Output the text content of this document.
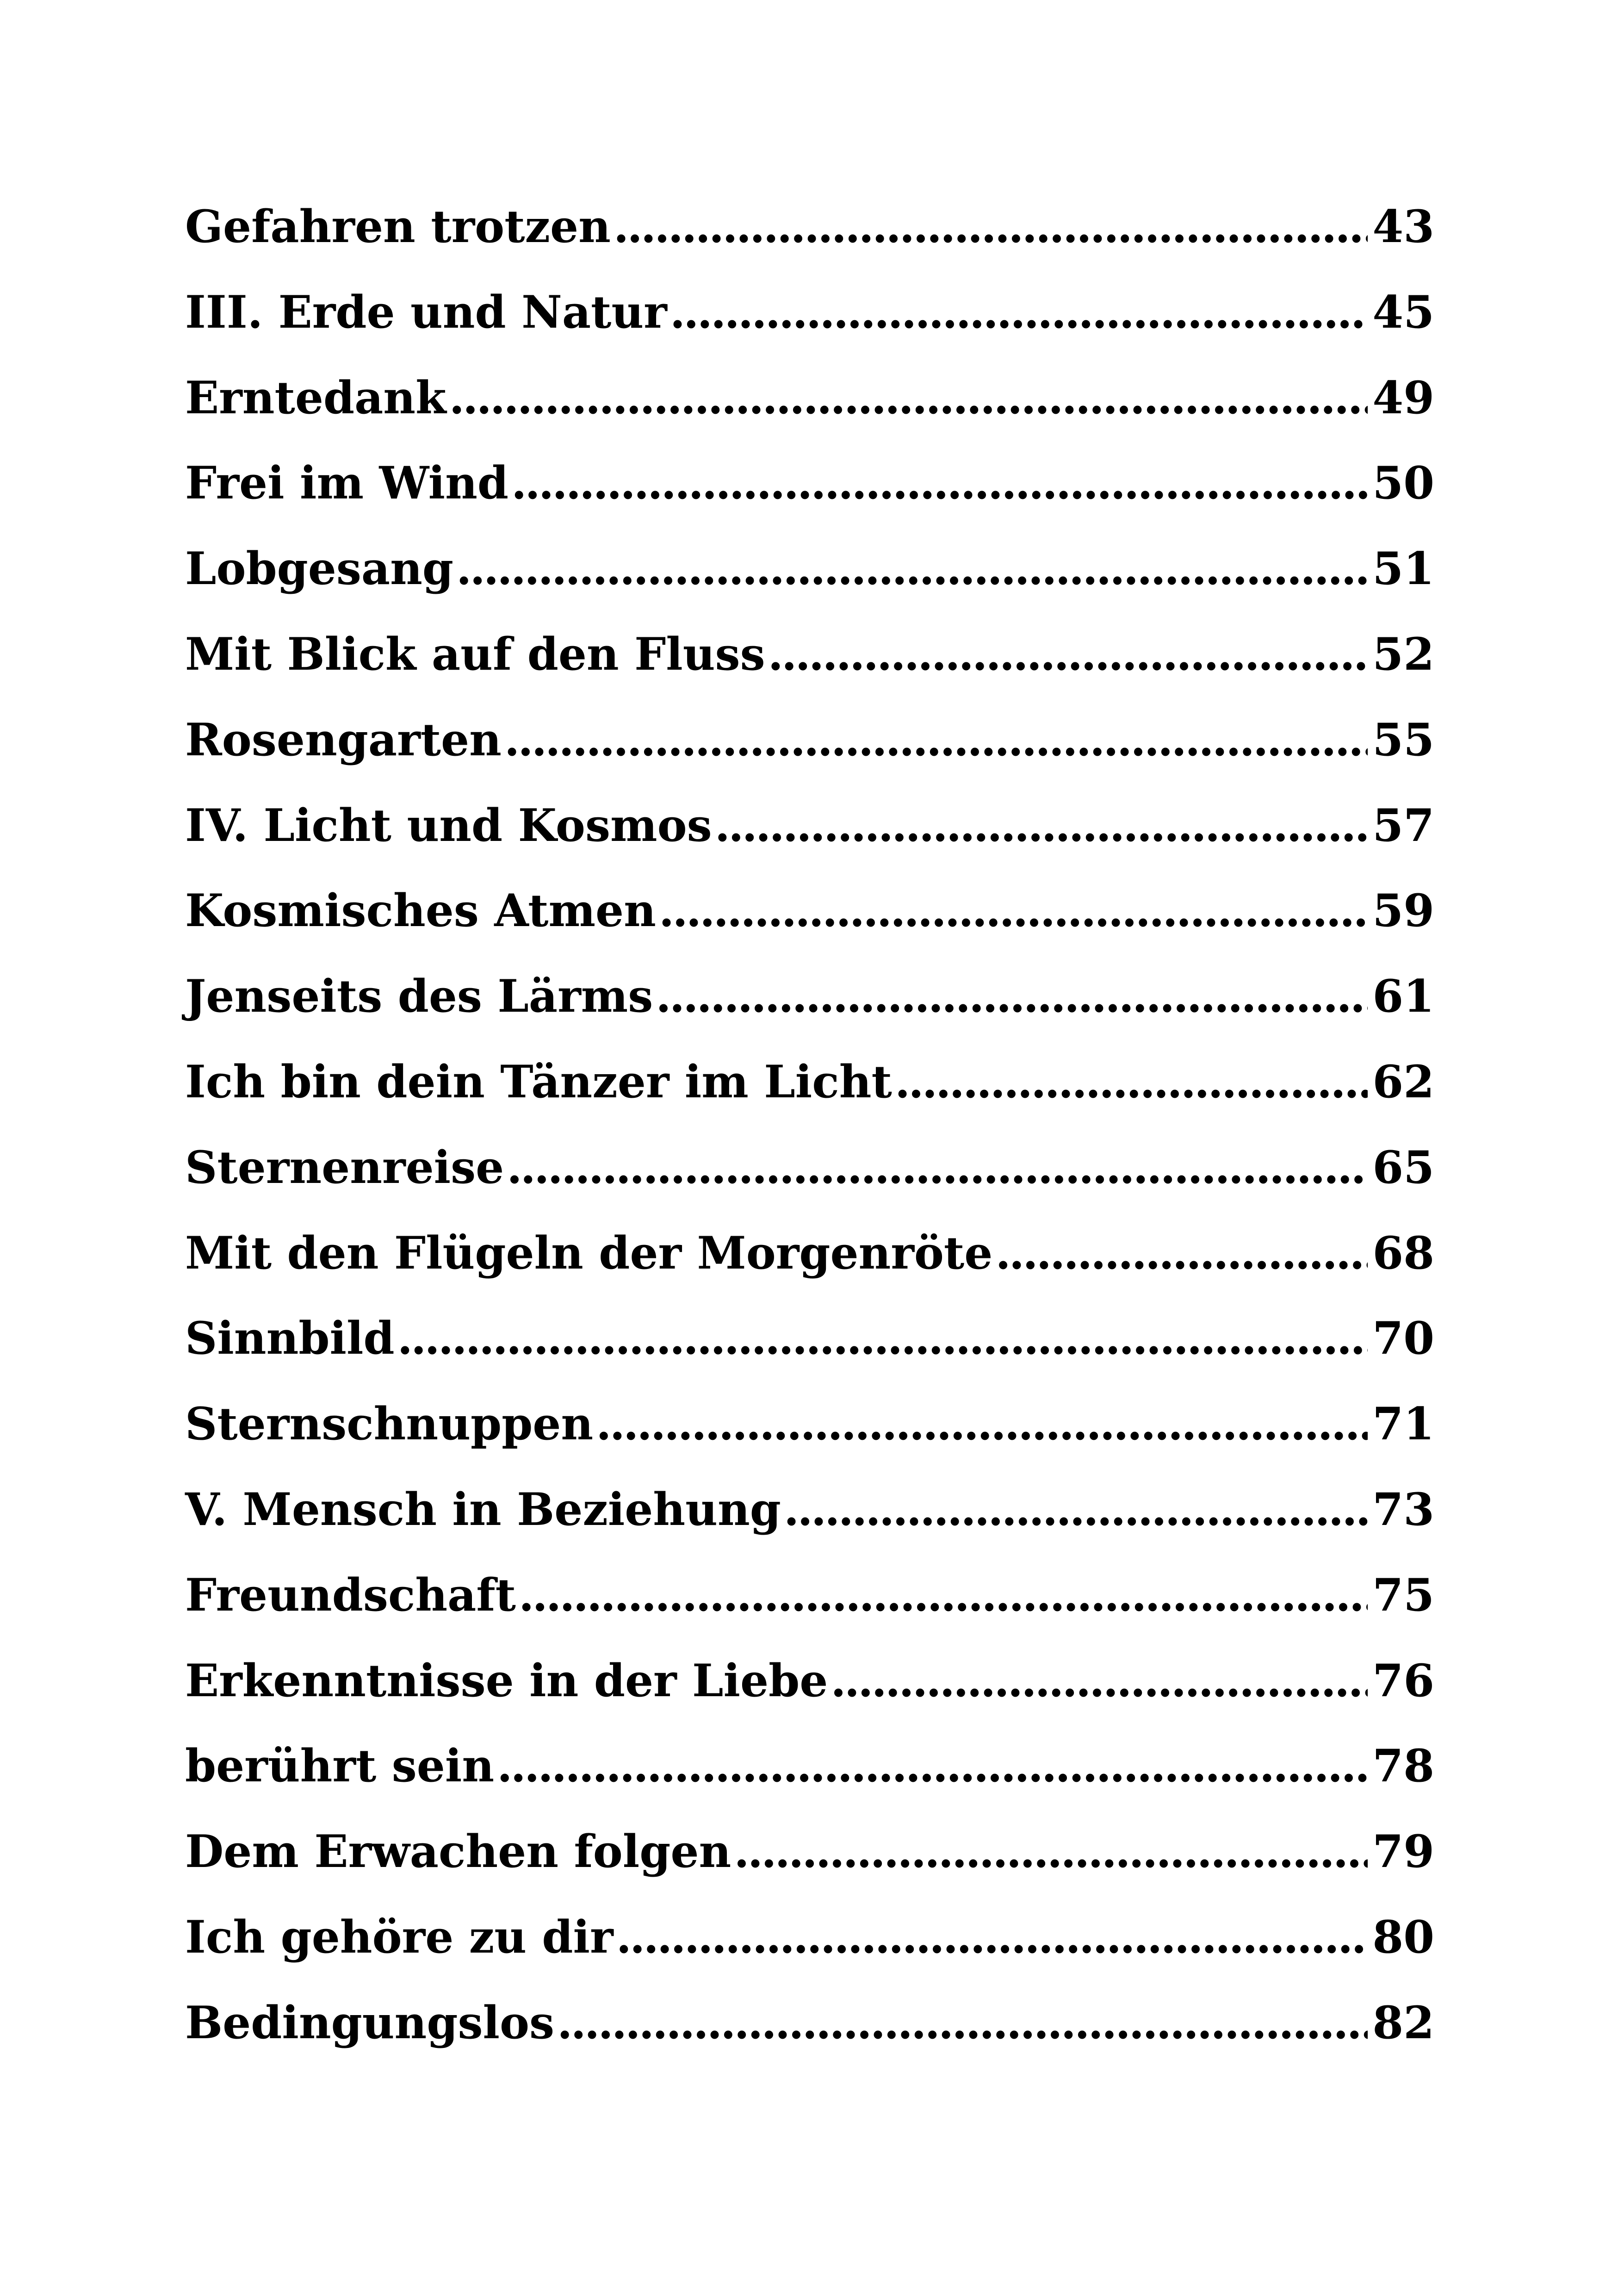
Gefahren trotzen .....	43
III. Erde und Natur .....	45
Erntedank .....	49
Frei im Wind .....	50
Lobgesang .....	51
Mit Blick auf den Fluss .....	52
Rosengarten .....	55
IV. Licht und Kosmos .....	57
Kosmisches Atmen .....	59
Jenseits des Lärms .....	61
Ich bin dein Tänzer im Licht .....	62
Sternenreise .....	65
Mit den Flügeln der Morgenröte .....	68
Sinnbild .....	70
Sternschnuppen .....	71
V. Mensch in Beziehung .....	73
Freundschaft .....	75
Erkenntnisse in der Liebe .....	76
berührt sein .....	78
Dem Erwachen folgen .....	79
Ich gehöre zu dir .....	80
Bedingungslos .....	82
